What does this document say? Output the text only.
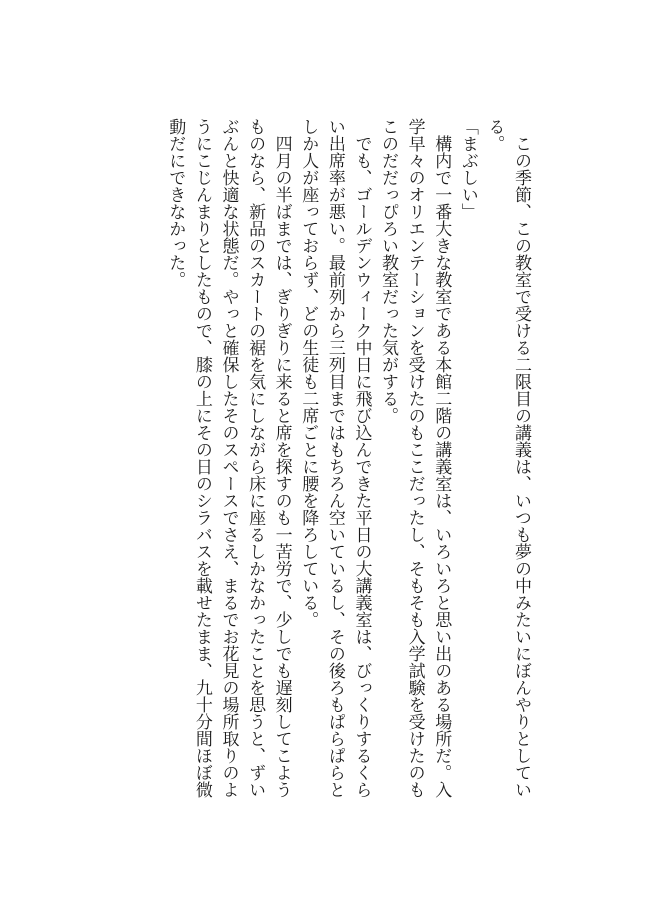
この季節、この教室で受ける二限目の講義は、いつも夢の中みたいにぼんやりとしている。

「まぶしい」

構内で一番大きな教室である本館二階の講義室は、いろいろと思い出のある場所だ。入学早々のオリエンテーションを受けたのもここだったし、そもそも入学試験を受けたのもこのだだっぴろい教室だった気がする。

でも、ゴールデンウィーク中日に飛び込んできた平日の大講義室は、びっくりするくらい出席率が悪い。最前列から三列目まではもちろん空いているし、その後ろもぱらぱらとしか人が座っておらず、どの生徒も二席ごとに腰を降ろしている。

四月の半ばまでは、ぎりぎりに来ると席を探すのも一苦労で、少しでも遅刻してこようものなら、新品のスカートの裾を気にしながら床に座るしかなかったことを思うと、ずいぶんと快適な状態だ。やっと確保したそのスペースでさえ、まるでお花見の場所取りのようにこじんまりとしたもので、膝の上にその日のシラバスを載せたまま、九十分間ほぼ微動だにできなかった。
